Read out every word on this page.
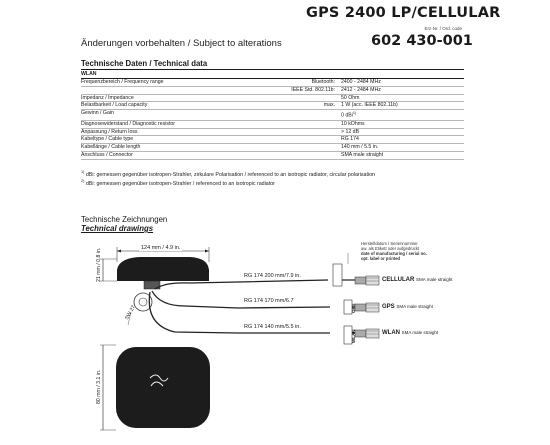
GPS 2400 LP/CELLULAR
Änderungen vorbehalten / Subject to alterations
Erz-Nr. / Ord. code
602 430-001
Technische Daten / Technical data
WLAN
Frequenzbereich / Frequency range	Bluetooth:	2400 - 2484 MHz
	IEEE Std. 802.11b:	2412 - 2484 MHz
Impedanz / Impedance		50 Ohm
Belastbarkeit / Load capacity	max.	1 W (acc. IEEE 802.11b)
Gewinn / Gain		0 dBi$^{1)}$
Diagnosewiderstand / Diagnostic resistor		10 kOhms
Anpassung / Return loss		> 12 dB
Kabeltype / Cable type		RG 174
Kabellänge / Cable length		140 mm / 5.5 in.
Anschluss / Connector		SMA male straight
$^{1)}$ dBi: gemessen gegenüber isotropen-Strahler, zirkulare Polarisation / referenced to an isotropic radiator, circular polarisation
$^{2)}$ dBi: gemessen gegenüber isotropen-Strahler / referenced to an isotropic radiator
Technische Zeichnungen
Technical drawings
124 mm / 4.9 in.
21 mm / 0.8 in.
SW 27
80 mm / 3.1 in.
RG 174 200 mm/7.9 in.
RG 174 170 mm/6.7
RG 174 140 mm/5.5 in.
GPS
WLAN
CELLULAR SMA male straight
GPS SMA male straight
WLAN SMA male straight
Herstelldatum / Seriennummer
aw. als Etikett oder aufgedruckt
date of manufacturing / serial no.
opt. label or printed
